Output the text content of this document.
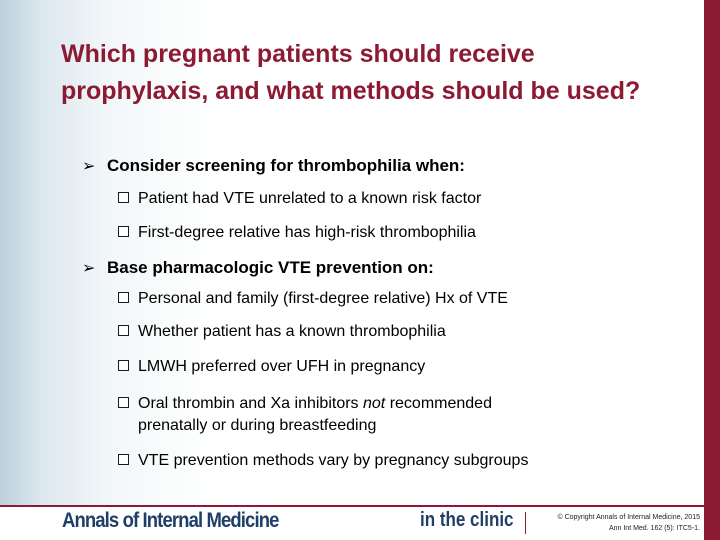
Which pregnant patients should receive prophylaxis, and what methods should be used?
➢ Consider screening for thrombophilia when:
Patient had VTE unrelated to a known risk factor
First-degree relative has high-risk thrombophilia
➢ Base pharmacologic VTE prevention on:
Personal and family (first-degree relative) Hx of VTE
Whether patient has a known thrombophilia
LMWH preferred over UFH in pregnancy
Oral thrombin and Xa inhibitors not recommended
prenatally or during breastfeeding
VTE prevention methods vary by pregnancy subgroups
Annals of Internal Medicine	in the clinic	© Copyright Annals of Internal Medicine, 2015
Ann Int Med. 162 (5): ITC5-1.
